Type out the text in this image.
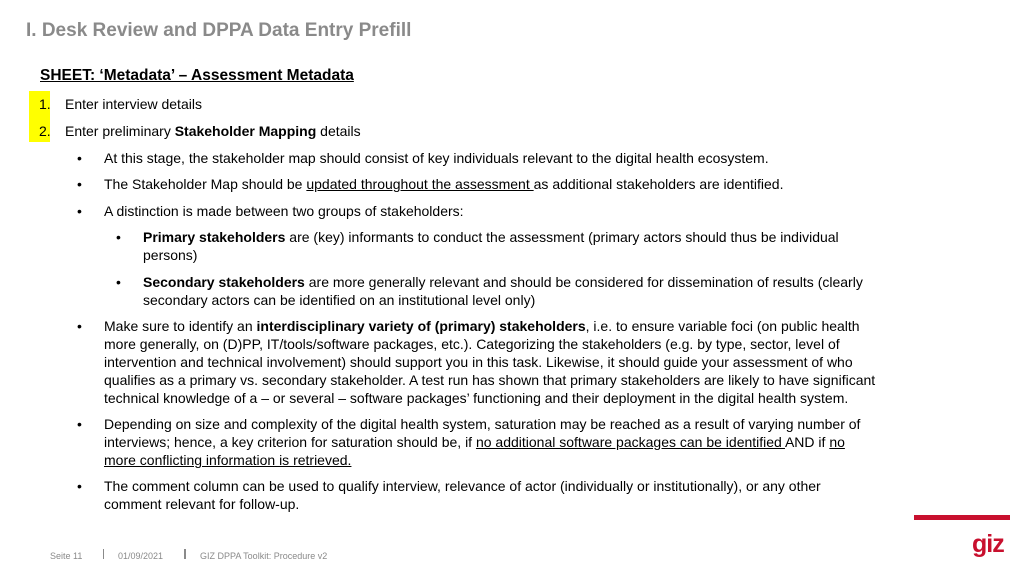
I. Desk Review and DPPA Data Entry Prefill
SHEET: ‘Metadata’ – Assessment Metadata
1. Enter interview details
2. Enter preliminary Stakeholder Mapping details
• At this stage, the stakeholder map should consist of key individuals relevant to the digital health ecosystem.
• The Stakeholder Map should be updated throughout the assessment as additional stakeholders are identified.
• A distinction is made between two groups of stakeholders:
• Primary stakeholders are (key) informants to conduct the assessment (primary actors should thus be individual
persons)
• Secondary stakeholders are more generally relevant and should be considered for dissemination of results (clearly
secondary actors can be identified on an institutional level only)
• Make sure to identify an interdisciplinary variety of (primary) stakeholders, i.e. to ensure variable foci (on public health
more generally, on (D)PP, IT/tools/software packages, etc.). Categorizing the stakeholders (e.g. by type, sector, level of
intervention and technical involvement) should support you in this task. Likewise, it should guide your assessment of who
qualifies as a primary vs. secondary stakeholder. A test run has shown that primary stakeholders are likely to have significant
technical knowledge of a – or several – software packages’ functioning and their deployment in the digital health system.
• Depending on size and complexity of the digital health system, saturation may be reached as a result of varying number of
interviews; hence, a key criterion for saturation should be, if no additional software packages can be identified AND if no
more conflicting information is retrieved.
• The comment column can be used to qualify interview, relevance of actor (individually or institutionally), or any other
comment relevant for follow-up.
giz
Seite 11	01/09/2021	GIZ DPPA Toolkit: Procedure v2
